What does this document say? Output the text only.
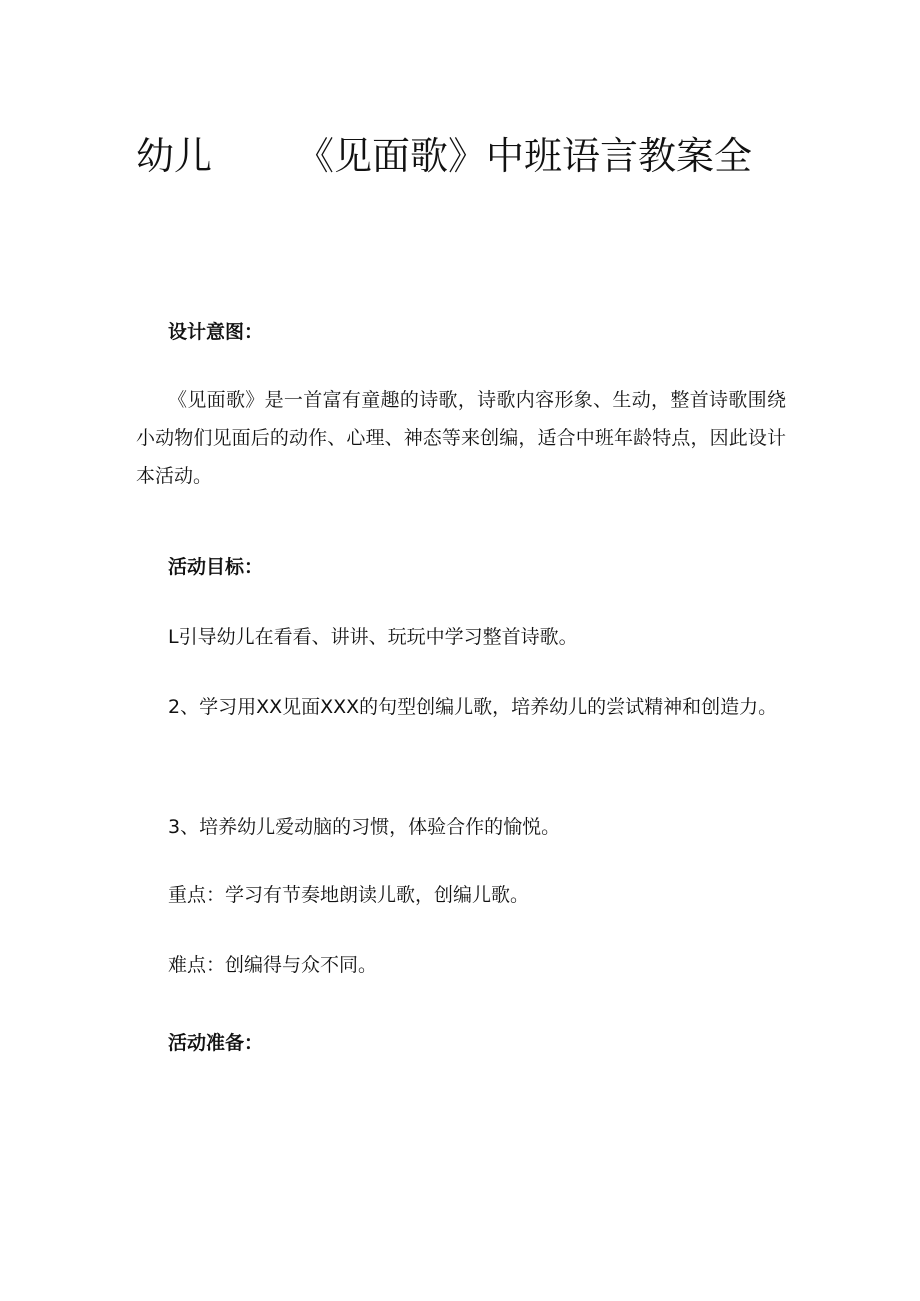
幼儿 《见面歌》中班语言教案全

设计意图：

《见面歌》是一首富有童趣的诗歌，诗歌内容形象、生动，整首诗歌围绕小动物们见面后的动作、心理、神态等来创编，适合中班年龄特点，因此设计本活动。

活动目标：

L引导幼儿在看看、讲讲、玩玩中学习整首诗歌。

2、学习用XX见面XXX的句型创编儿歌，培养幼儿的尝试精神和创造力。

3、培养幼儿爱动脑的习惯，体验合作的愉悦。

重点：学习有节奏地朗读儿歌，创编儿歌。

难点：创编得与众不同。

活动准备：
